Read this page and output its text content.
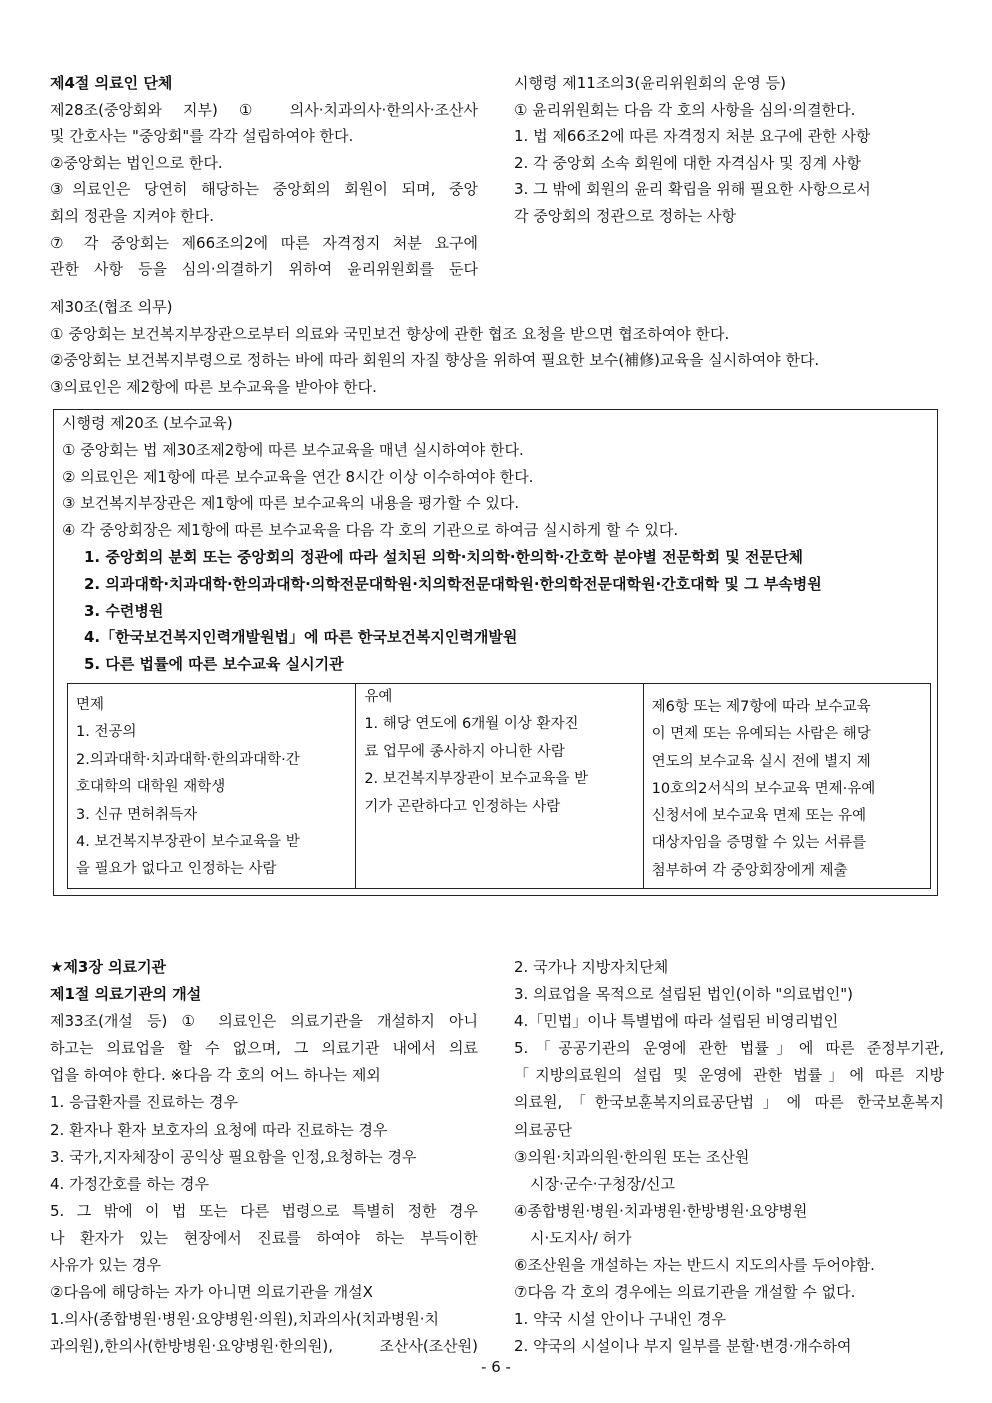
제4절 의료인 단체
제28조(중앙회와 지부) ① 의사·치과의사·한의사·조산사
및 간호사는 "중앙회"를 각각 설립하여야 한다.
②중앙회는 법인으로 한다.
③의료인은 당연히 해당하는 중앙회의 회원이 되며, 중앙
회의 정관을 지켜야 한다.
⑦ 각 중앙회는 제66조의2에 따른 자격정지 처분 요구에
관한 사항 등을 심의·의결하기 위하여 윤리위원회를 둔다
시행령 제11조의3(윤리위원회의 운영 등)
① 윤리위원회는 다음 각 호의 사항을 심의·의결한다.
1. 법 제66조2에 따른 자격정지 처분 요구에 관한 사항
2. 각 중앙회 소속 회원에 대한 자격심사 및 징계 사항
3. 그 밖에 회원의 윤리 확립을 위해 필요한 사항으로서
각 중앙회의 정관으로 정하는 사항
제30조(협조 의무)
① 중앙회는 보건복지부장관으로부터 의료와 국민보건 향상에 관한 협조 요청을 받으면 협조하여야 한다.
②중앙회는 보건복지부령으로 정하는 바에 따라 회원의 자질 향상을 위하여 필요한 보수(補修)교육을 실시하여야 한다.
③의료인은 제2항에 따른 보수교육을 받아야 한다.
시행령 제20조 (보수교육)
① 중앙회는 법 제30조제2항에 따른 보수교육을 매년 실시하여야 한다.
② 의료인은 제1항에 따른 보수교육을 연간 8시간 이상 이수하여야 한다.
③ 보건복지부장관은 제1항에 따른 보수교육의 내용을 평가할 수 있다.
④ 각 중앙회장은 제1항에 따른 보수교육을 다음 각 호의 기관으로 하여금 실시하게 할 수 있다.
1. 중앙회의 분회 또는 중앙회의 정관에 따라 설치된 의학·치의학·한의학·간호학 분야별 전문학회 및 전문단체
2. 의과대학·치과대학·한의과대학·의학전문대학원·치의학전문대학원·한의학전문대학원·간호대학 및 그 부속병원
3. 수련병원
4.「한국보건복지인력개발원법」에 따른 한국보건복지인력개발원
5. 다른 법률에 따른 보수교육 실시기관
면제
1. 전공의
2.의과대학·치과대학·한의과대학·간
호대학의 대학원 재학생
3. 신규 면허취득자
4. 보건복지부장관이 보수교육을 받
을 필요가 없다고 인정하는 사람
유예
1. 해당 연도에 6개월 이상 환자진
료 업무에 종사하지 아니한 사람
2. 보건복지부장관이 보수교육을 받
기가 곤란하다고 인정하는 사람
제6항 또는 제7항에 따라 보수교육
이 면제 또는 유예되는 사람은 해당
연도의 보수교육 실시 전에 별지 제
10호의2서식의 보수교육 면제·유예
신청서에 보수교육 면제 또는 유예
대상자임을 증명할 수 있는 서류를
첨부하여 각 중앙회장에게 제출
★제3장 의료기관
제1절 의료기관의 개설
제33조(개설 등) ① 의료인은 의료기관을 개설하지 아니
하고는 의료업을 할 수 없으며, 그 의료기관 내에서 의료
업을 하여야 한다. ※다음 각 호의 어느 하나는 제외
1. 응급환자를 진료하는 경우
2. 환자나 환자 보호자의 요청에 따라 진료하는 경우
3. 국가,지자체장이 공익상 필요함을 인정,요청하는 경우
4. 가정간호를 하는 경우
5. 그 밖에 이 법 또는 다른 법령으로 특별히 정한 경우
나 환자가 있는 현장에서 진료를 하여야 하는 부득이한
사유가 있는 경우
②다음에 해당하는 자가 아니면 의료기관을 개설X
1.의사(종합병원·병원·요양병원·의원),치과의사(치과병원·치
과의원),한의사(한방병원·요양병원·한의원), 조산사(조산원)
2. 국가나 지방자치단체
3. 의료업을 목적으로 설립된 법인(이하 "의료법인")
4.「민법」이나 특별법에 따라 설립된 비영리법인
5.「공공기관의 운영에 관한 법률」에 따른 준정부기관,
「지방의료원의 설립 및 운영에 관한 법률」에 따른 지방
의료원,「한국보훈복지의료공단법」에 따른 한국보훈복지
의료공단
③의원·치과의원·한의원 또는 조산원
시장·군수·구청장/신고
④종합병원·병원·치과병원·한방병원·요양병원
시·도지사/ 허가
⑥조산원을 개설하는 자는 반드시 지도의사를 두어야함.
⑦다음 각 호의 경우에는 의료기관을 개설할 수 없다.
1. 약국 시설 안이나 구내인 경우
2. 약국의 시설이나 부지 일부를 분할·변경·개수하여
- 6 -
